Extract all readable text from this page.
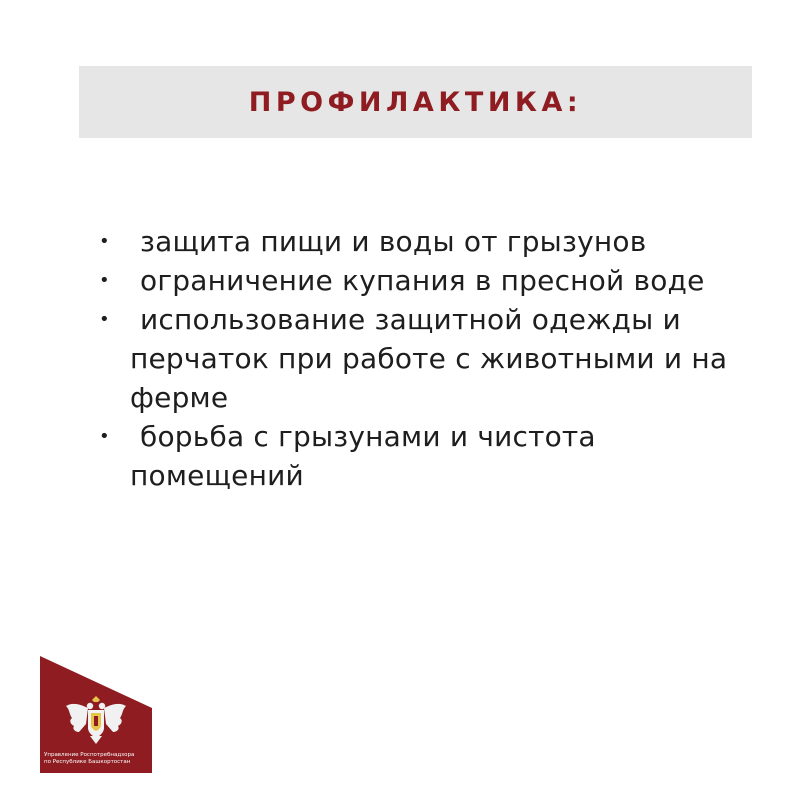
ПРОФИЛАКТИКА:
•	защита пищи и воды от грызунов
•	ограничение купания в пресной воде
•	использование защитной одежды и перчаток при работе с животными и на ферме
•	борьба с грызунами и чистота помещений
Управление Роспотребнадзора
по Республике Башкортостан
